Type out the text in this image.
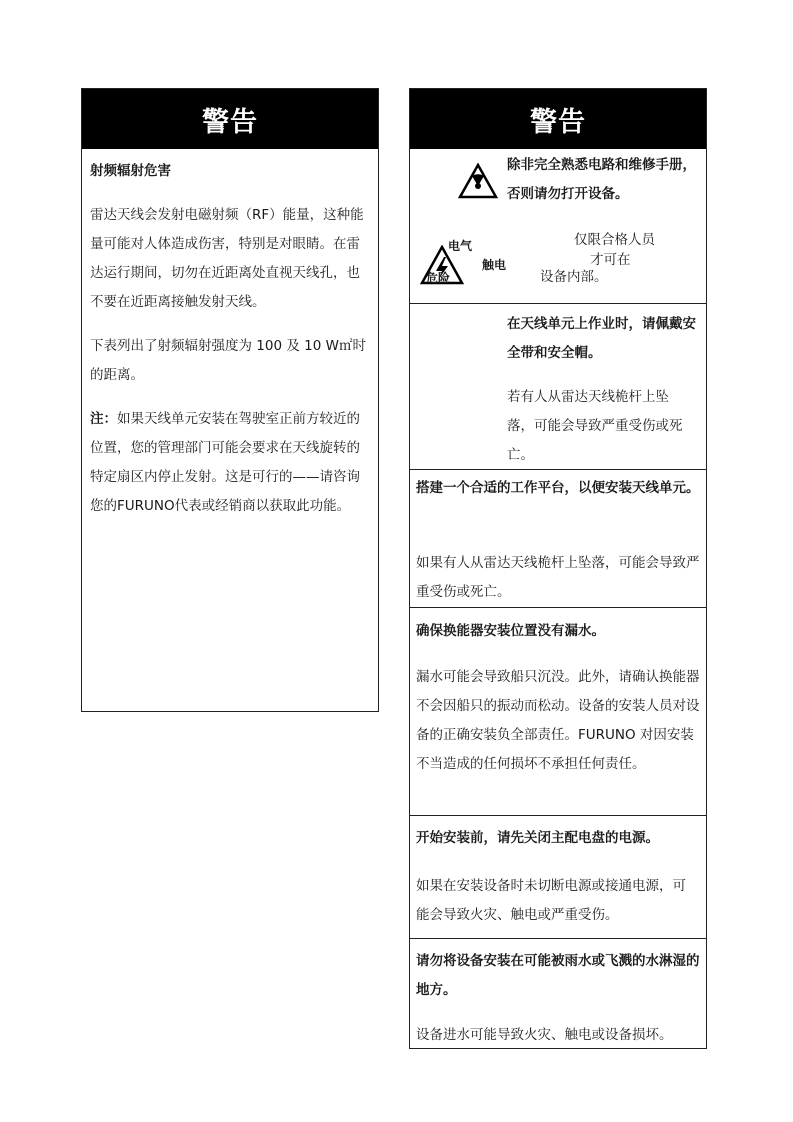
警告

射频辐射危害

雷达天线会发射电磁射频（RF）能量，这种能量可能对人体造成伤害，特别是对眼睛。在雷达运行期间，切勿在近距离处直视天线孔，也不要在近距离接触发射天线。

下表列出了射频辐射强度为 100 及 10 W㎡时的距离。

注：如果天线单元安装在驾驶室正前方较近的位置，您的管理部门可能会要求在天线旋转的特定扇区内停止发射。这是可行的——请咨询您的FURUNO代表或经销商以获取此功能。

警告
电气
触电
危险

除非完全熟悉电路和维修手册，否则请勿打开设备。

仅限合格人员
才可在
设备内部。

在天线单元上作业时，请佩戴安全带和安全帽。

若有人从雷达天线桅杆上坠落，可能会导致严重受伤或死亡。

搭建一个合适的工作平台，以便安装天线单元。

如果有人从雷达天线桅杆上坠落，可能会导致严重受伤或死亡。

确保换能器安装位置没有漏水。

漏水可能会导致船只沉没。此外，请确认换能器不会因船只的振动而松动。设备的安装人员对设备的正确安装负全部责任。FURUNO 对因安装不当造成的任何损坏不承担任何责任。

开始安装前，请先关闭主配电盘的电源。

如果在安装设备时未切断电源或接通电源，可能会导致火灾、触电或严重受伤。

请勿将设备安装在可能被雨水或飞溅的水淋湿的地方。

设备进水可能导致火灾、触电或设备损坏。
